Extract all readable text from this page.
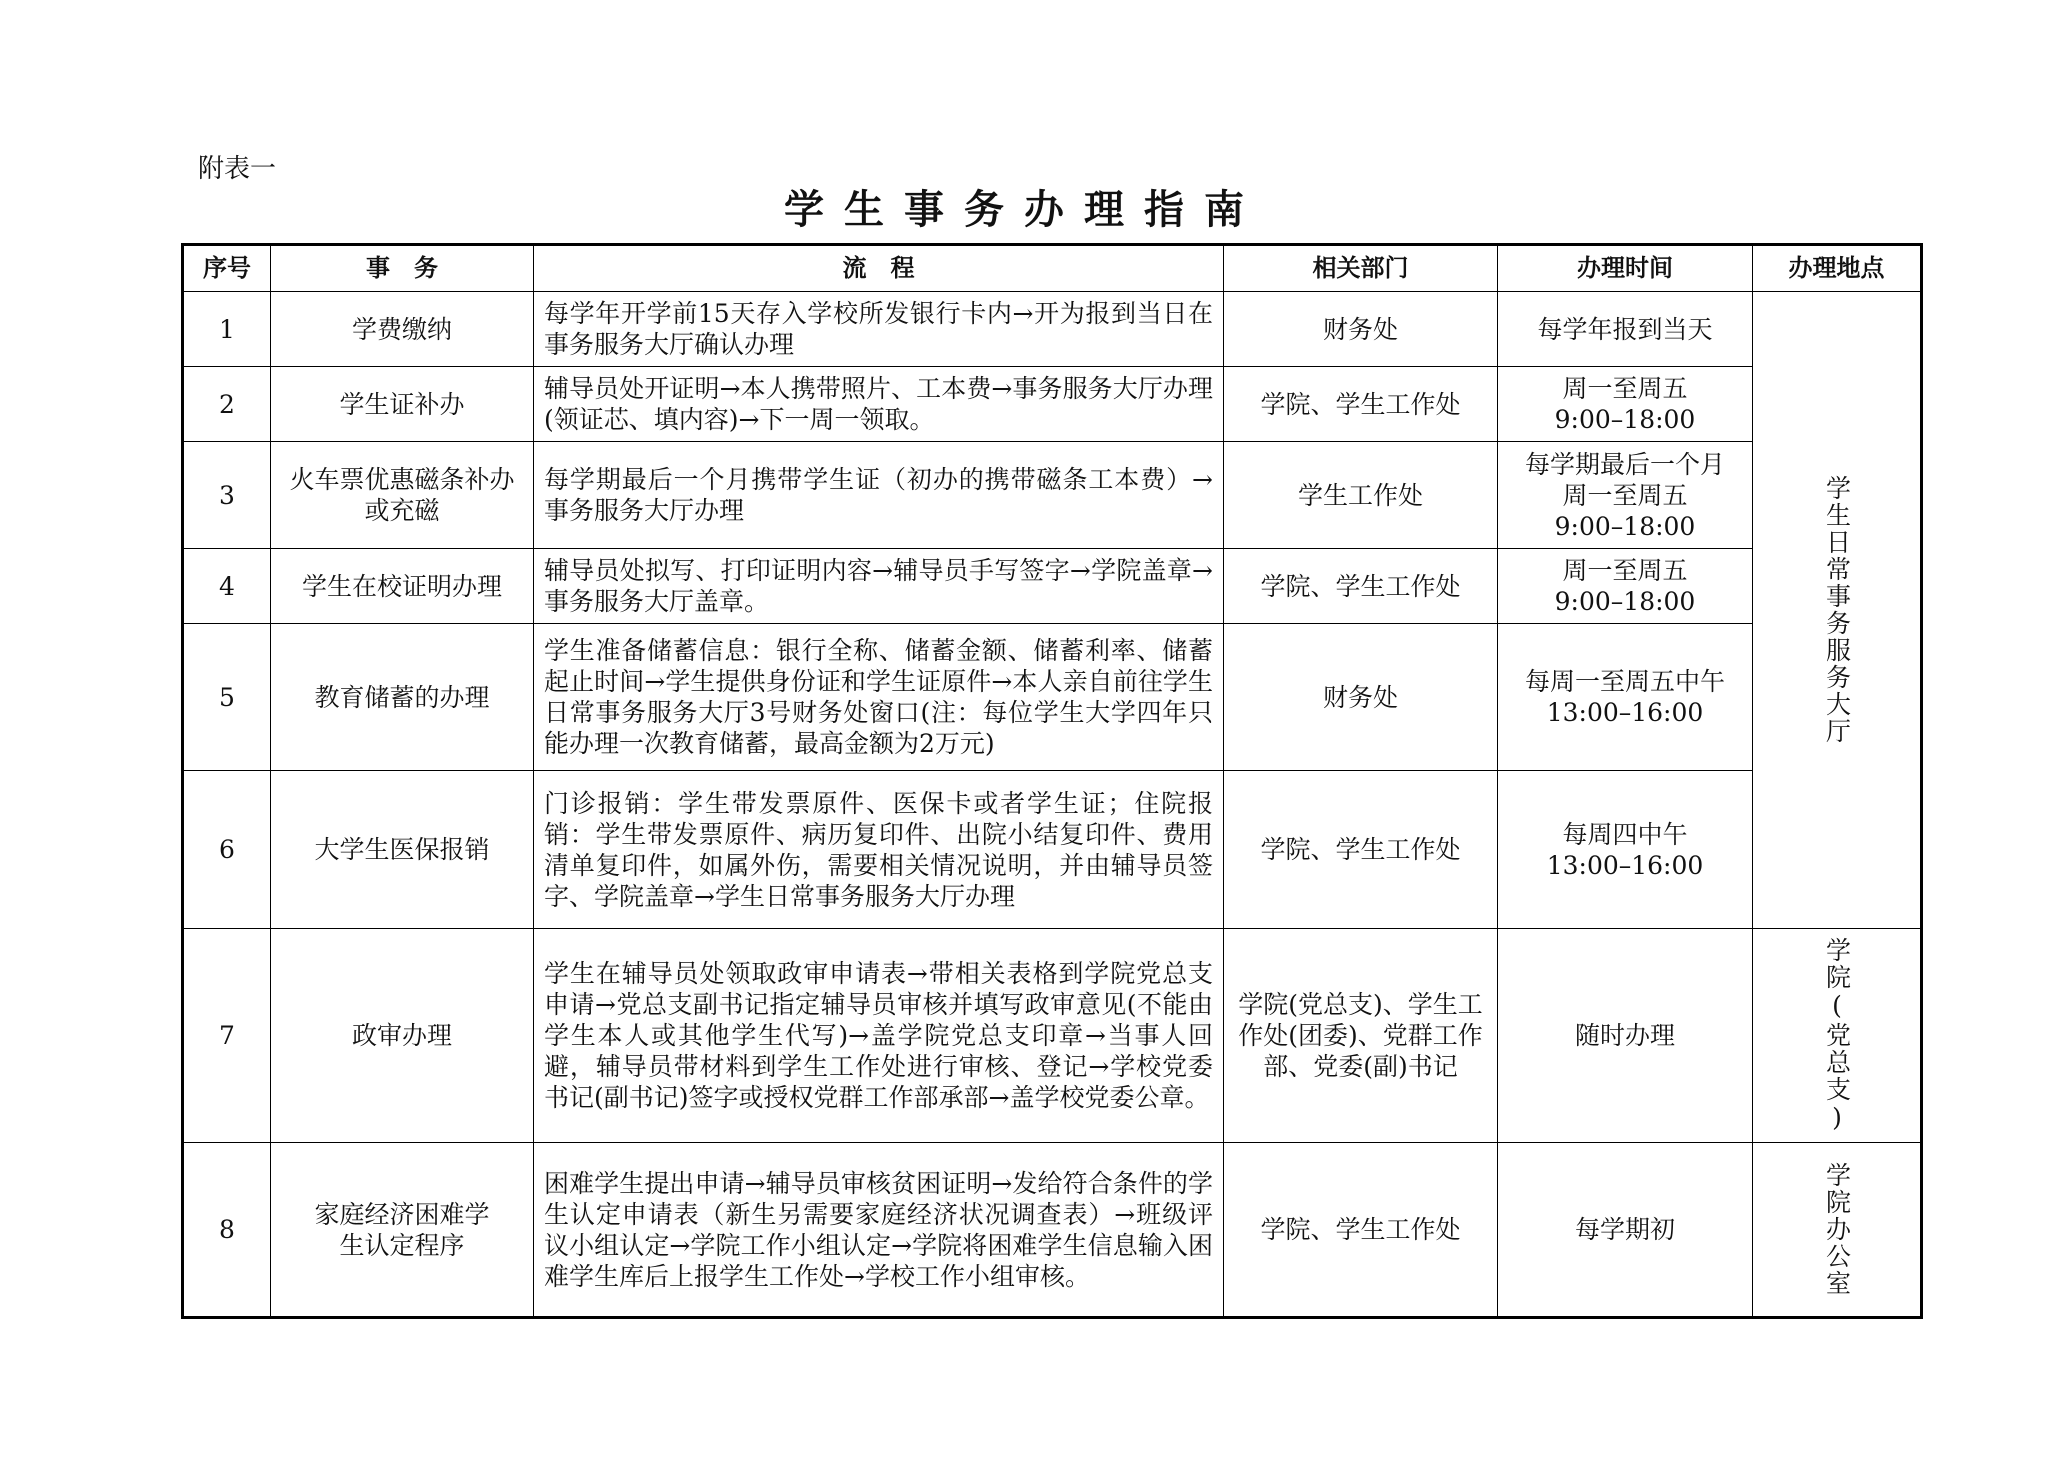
附表一
学生事务办理指南
序号	事　务	流　程	相关部门	办理时间	办理地点
1	学费缴纳	每学年开学前15天存入学校所发银行卡内→开为报到当日在事务服务大厅确认办理	财务处	每学年报到当天	学生日常事务服务大厅

2	学生证补办	辅导员处开证明→本人携带照片、工本费→事务服务大厅办理(领证芯、填内容)→下一周一领取。	学院、学生工作处	周一至周五
9:00–18:00	
3	火车票优惠磁条补办或充磁	每学期最后一个月携带学生证（初办的携带磁条工本费）→事务服务大厅办理	学生工作处	每学期最后一个月
周一至周五
9:00–18:00	
4	学生在校证明办理	辅导员处拟写、打印证明内容→辅导员手写签字→学院盖章→事务服务大厅盖章。	学院、学生工作处	周一至周五
9:00–18:00	
5	教育储蓄的办理	学生准备储蓄信息：银行全称、储蓄金额、储蓄利率、储蓄起止时间→学生提供身份证和学生证原件→本人亲自前往学生日常事务服务大厅3号财务处窗口(注：每位学生大学四年只能办理一次教育储蓄，最高金额为2万元)	财务处	每周一至周五中午
13:00–16:00	
6	大学生医保报销	门诊报销：学生带发票原件、医保卡或者学生证；住院报销：学生带发票原件、病历复印件、出院小结复印件、费用清单复印件，如属外伤，需要相关情况说明，并由辅导员签字、学院盖章→学生日常事务服务大厅办理	学院、学生工作处	每周四中午
13:00–16:00	
7	政审办理	学生在辅导员处领取政审申请表→带相关表格到学院党总支申请→党总支副书记指定辅导员审核并填写政审意见(不能由学生本人或其他学生代写)→盖学院党总支印章→当事人回避，辅导员带材料到学生工作处进行审核、登记→学校党委书记(副书记)签字或授权党群工作部承部→盖学校党委公章。	学院(党总支)、学生工作处(团委)、党群工作部、党委(副)书记	随时办理	学院(党总支)

8	家庭经济困难学生认定程序	困难学生提出申请→辅导员审核贫困证明→发给符合条件的学生认定申请表（新生另需要家庭经济状况调查表）→班级评议小组认定→学院工作小组认定→学院将困难学生信息输入困难学生库后上报学生工作处→学校工作小组审核。	学院、学生工作处	每学期初	学院办公室
